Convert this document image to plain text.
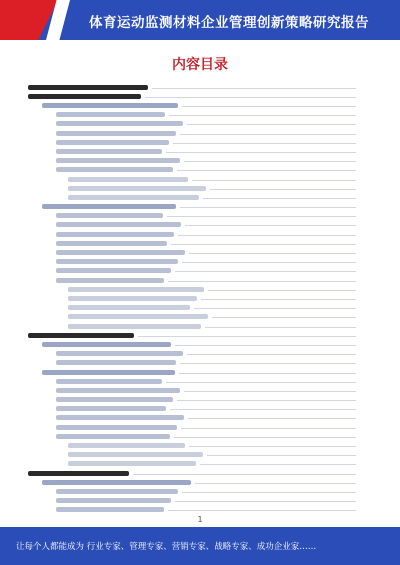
体育运动监测材料企业管理创新策略研究报告
内容目录
1
让每个人都能成为 行业专家、管理专家、营销专家、战略专家、成功企业家……
